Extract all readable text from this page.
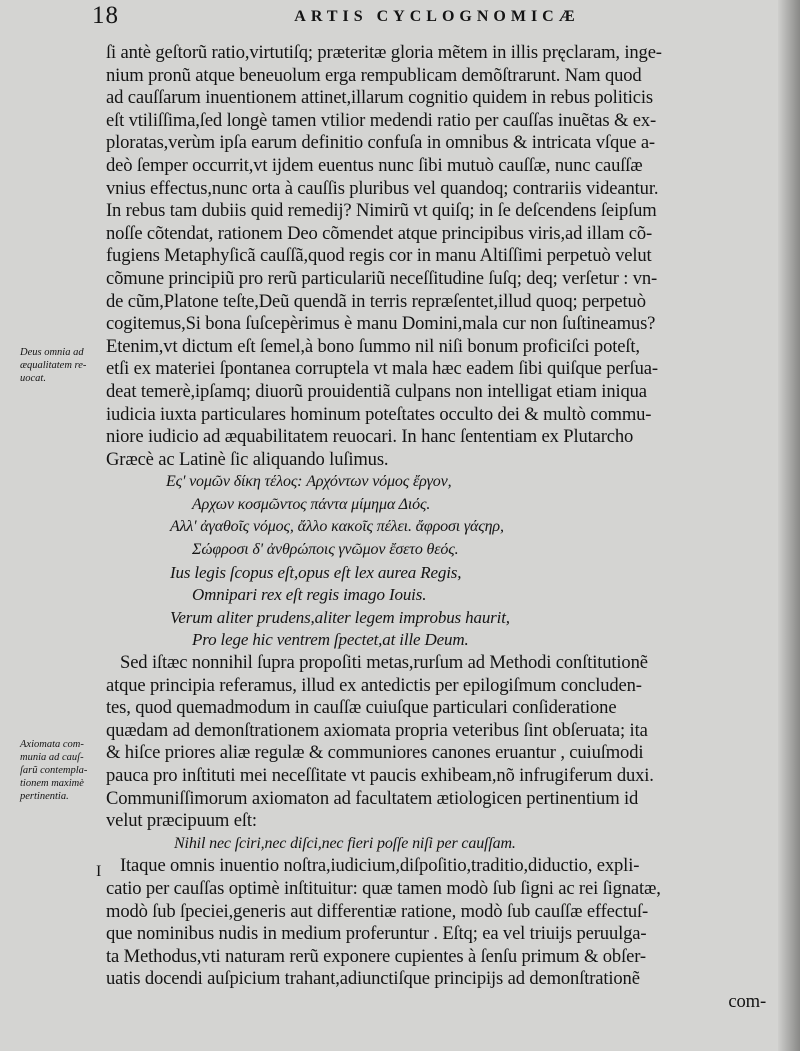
18	ARTIS CYCLOGNOMICÆ
Deus omnia ad
æqualitatem re-
uocat.
Axiomata com-
munia ad cauſ-
ſarũ contempla-
tionem maximè
pertinentia.
I
ſi antè geſtorũ ratio,virtutiſq; præteritæ gloria mẽtem in illis pręclaram, inge-
nium pronũ atque beneuolum erga rempublicam demõſtrarunt. Nam quod
ad cauſſarum inuentionem attinet,illarum cognitio quidem in rebus politicis
eſt vtiliſſima,ſed longè tamen vtilior medendi ratio per cauſſas inuẽtas & ex-
ploratas,verùm ipſa earum definitio confuſa in omnibus & intricata vſque a-
deò ſemper occurrit,vt ijdem euentus nunc ſibi mutuò cauſſæ, nunc cauſſæ
vnius effectus,nunc orta à cauſſis pluribus vel quandoq; contrariis videantur.
In rebus tam dubiis quid remedij? Nimirũ vt quiſq; in ſe deſcendens ſeipſum
noſſe cõtendat, rationem Deo cõmendet atque principibus viris,ad illam cõ-
fugiens Metaphyſicã cauſſã,quod regis cor in manu Altiſſimi perpetuò velut
cõmune principiũ pro rerũ particulariũ neceſſitudine ſuſq; deq; verſetur : vn-
de cũm,Platone teſte,Deũ quendã in terris repræſentet,illud quoq; perpetuò
cogitemus,Si bona ſuſcepèrimus è manu Domini,mala cur non ſuſtineamus?
Etenim,vt dictum eſt ſemel,à bono ſummo nil niſi bonum proficiſci poteſt,
etſi ex materiei ſpontanea corruptela vt mala hæc eadem ſibi quiſque perſua-
deat temerè,ipſamq; diuorũ prouidentiã culpans non intelligat etiam iniqua
iudicia iuxta particulares hominum poteſtates occulto dei & multò commu-
niore iudicio ad æquabilitatem reuocari. In hanc ſententiam ex Plutarcho
Græcè ac Latinè ſic aliquando luſimus.
Eς' νομῶν δίκη τέλος: Aρχόντων νόμος ἔργον,
Aρχων κοσμῶντος πάντα μίμημα Διός.
Aλλ' ἀγαθοῖς νόμος, ἄλλο κακοῖς πέλει. ἄφροσι γάςηρ,
Σώφροσι δ' ἀνθρώποις γνῶμον ἔσετο θεός.
Ius legis ſcopus eſt,opus eſt lex aurea Regis,
Omnipari rex eſt regis imago Iouis.
Verum aliter prudens,aliter legem improbus haurit,
Pro lege hic ventrem ſpectet,at ille Deum.
Sed iſtæc nonnihil ſupra propoſiti metas,rurſum ad Methodi conſtitutionẽ
atque principia referamus, illud ex antedictis per epilogiſmum concluden-
tes, quod quemadmodum in cauſſæ cuiuſque particulari conſideratione
quædam ad demonſtrationem axiomata propria veteribus ſint obſeruata; ita
& hiſce priores aliæ regulæ & communiores canones eruantur , cuiuſmodi
pauca pro inſtituti mei neceſſitate vt paucis exhibeam,nõ infrugiferum duxi.
Communiſſimorum axiomaton ad facultatem ætiologicen pertinentium id
velut præcipuum eſt:
Nihil nec ſciri,nec diſci,nec fieri poſſe niſi per cauſſam.
Itaque omnis inuentio noſtra,iudicium,diſpoſitio,traditio,diductio, expli-
catio per cauſſas optimè inſtituitur: quæ tamen modò ſub ſigni ac rei ſignatæ,
modò ſub ſpeciei,generis aut differentiæ ratione, modò ſub cauſſæ effectuſ-
que nominibus nudis in medium proferuntur . Eſtq; ea vel triuijs peruulga-
ta Methodus,vti naturam rerũ exponere cupientes à ſenſu primum & obſer-
uatis docendi auſpicium trahant,adiunctiſque principijs ad demonſtrationẽ
com-
